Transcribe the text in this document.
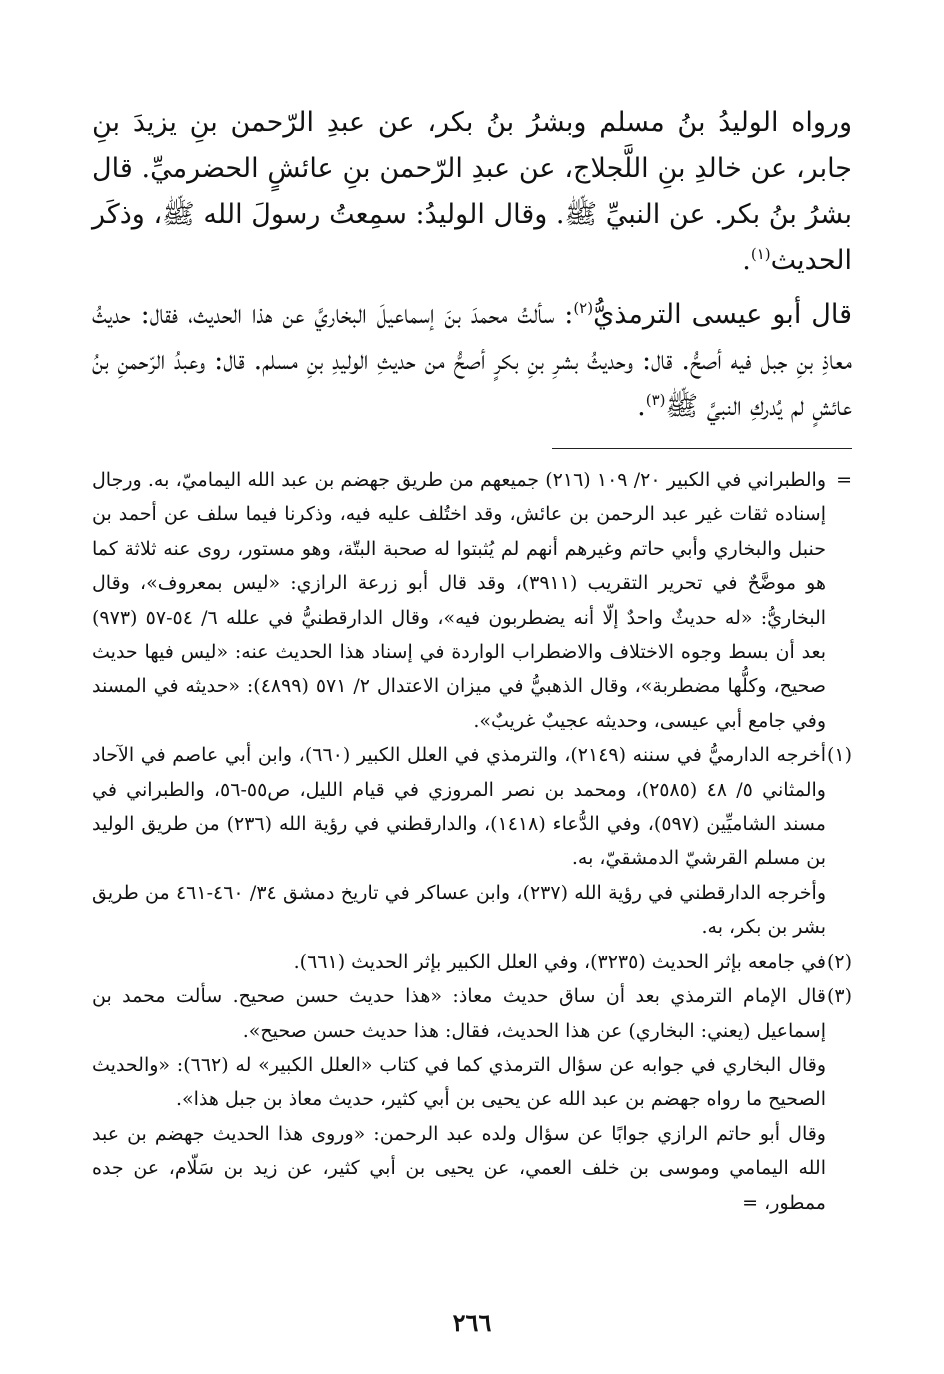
ورواه الوليدُ بنُ مسلم وبشرُ بنُ بكر، عن عبدِ الرّحمن بنِ يزيدَ بنِ جابر، عن خالدِ بنِ اللَّجلاج، عن عبدِ الرّحمن بنِ عائشٍ الحضرميِّ. قال بشرُ بنُ بكر. عن النبيِّ ﷺ. وقال الوليدُ: سمِعتُ رسولَ الله ﷺ، وذكَر الحديث$^{(١)}$.

قال أبو عيسى الترمذيُّ$^{(٢)}$: سألتُ محمدَ بنَ إسماعيلَ البخاريَّ عن هذا الحديث، فقال: حديثُ معاذِ بنِ جبل فيه أصحُّ. قال: وحديثُ بشرِ بنِ بكرٍ أصحُّ من حديثِ الوليدِ بنِ مسلم. قال: وعبدُ الرّحمنِ بنُ عائشٍ لم يُدركِ النبيَّ ﷺ$^{(٣)}$.

=
والطبراني في الكبير ٢٠/ ١٠٩ (٢١٦) جميعهم من طريق جهضم بن عبد الله اليماميّ، به. ورجال إسناده ثقات غير عبد الرحمن بن عائش، وقد اختُلف عليه فيه، وذكرنا فيما سلف عن أحمد بن حنبل والبخاري وأبي حاتم وغيرهم أنهم لم يُثبتوا له صحبة البتّة، وهو مستور، روى عنه ثلاثة كما هو موضَّحٌ في تحرير التقريب (٣٩١١)، وقد قال أبو زرعة الرازي: «ليس بمعروف»، وقال البخاريُّ: «له حديثٌ واحدٌ إلّا أنه يضطربون فيه»، وقال الدارقطنيُّ في علله ٦/ ٥٤-٥٧ (٩٧٣) بعد أن بسط وجوه الاختلاف والاضطراب الواردة في إسناد هذا الحديث عنه: «ليس فيها حديث صحيح، وكلُّها مضطربة»، وقال الذهبيُّ في ميزان الاعتدال ٢/ ٥٧١ (٤٨٩٩): «حديثه في المسند وفي جامع أبي عيسى، وحديثه عجيبٌ غريبٌ».

(١)
أخرجه الدارميُّ في سننه (٢١٤٩)، والترمذي في العلل الكبير (٦٦٠)، وابن أبي عاصم في الآحاد والمثاني ٥/ ٤٨ (٢٥٨٥)، ومحمد بن نصر المروزي في قيام الليل، ص٥٥-٥٦، والطبراني في مسند الشاميِّين (٥٩٧)، وفي الدُّعاء (١٤١٨)، والدارقطني في رؤية الله (٢٣٦) من طريق الوليد بن مسلم القرشيّ الدمشقيّ، به.

وأخرجه الدارقطني في رؤية الله (٢٣٧)، وابن عساكر في تاريخ دمشق ٣٤/ ٤٦٠-٤٦١ من طريق بشر بن بكر، به.

(٢)
في جامعه بإثر الحديث (٣٢٣٥)، وفي العلل الكبير بإثر الحديث (٦٦١).

(٣)
قال الإمام الترمذي بعد أن ساق حديث معاذ: «هذا حديث حسن صحيح. سألت محمد بن إسماعيل (يعني: البخاري) عن هذا الحديث، فقال: هذا حديث حسن صحيح».

وقال البخاري في جوابه عن سؤال الترمذي كما في كتاب «العلل الكبير» له (٦٦٢): «والحديث الصحيح ما رواه جهضم بن عبد الله عن يحيى بن أبي كثير، حديث معاذ بن جبل هذا».

وقال أبو حاتم الرازي جوابًا عن سؤال ولده عبد الرحمن: «وروى هذا الحديث جهضم بن عبد الله اليمامي وموسى بن خلف العمي، عن يحيى بن أبي كثير، عن زيد بن سَلّام، عن جده ممطور، =

٢٦٦
